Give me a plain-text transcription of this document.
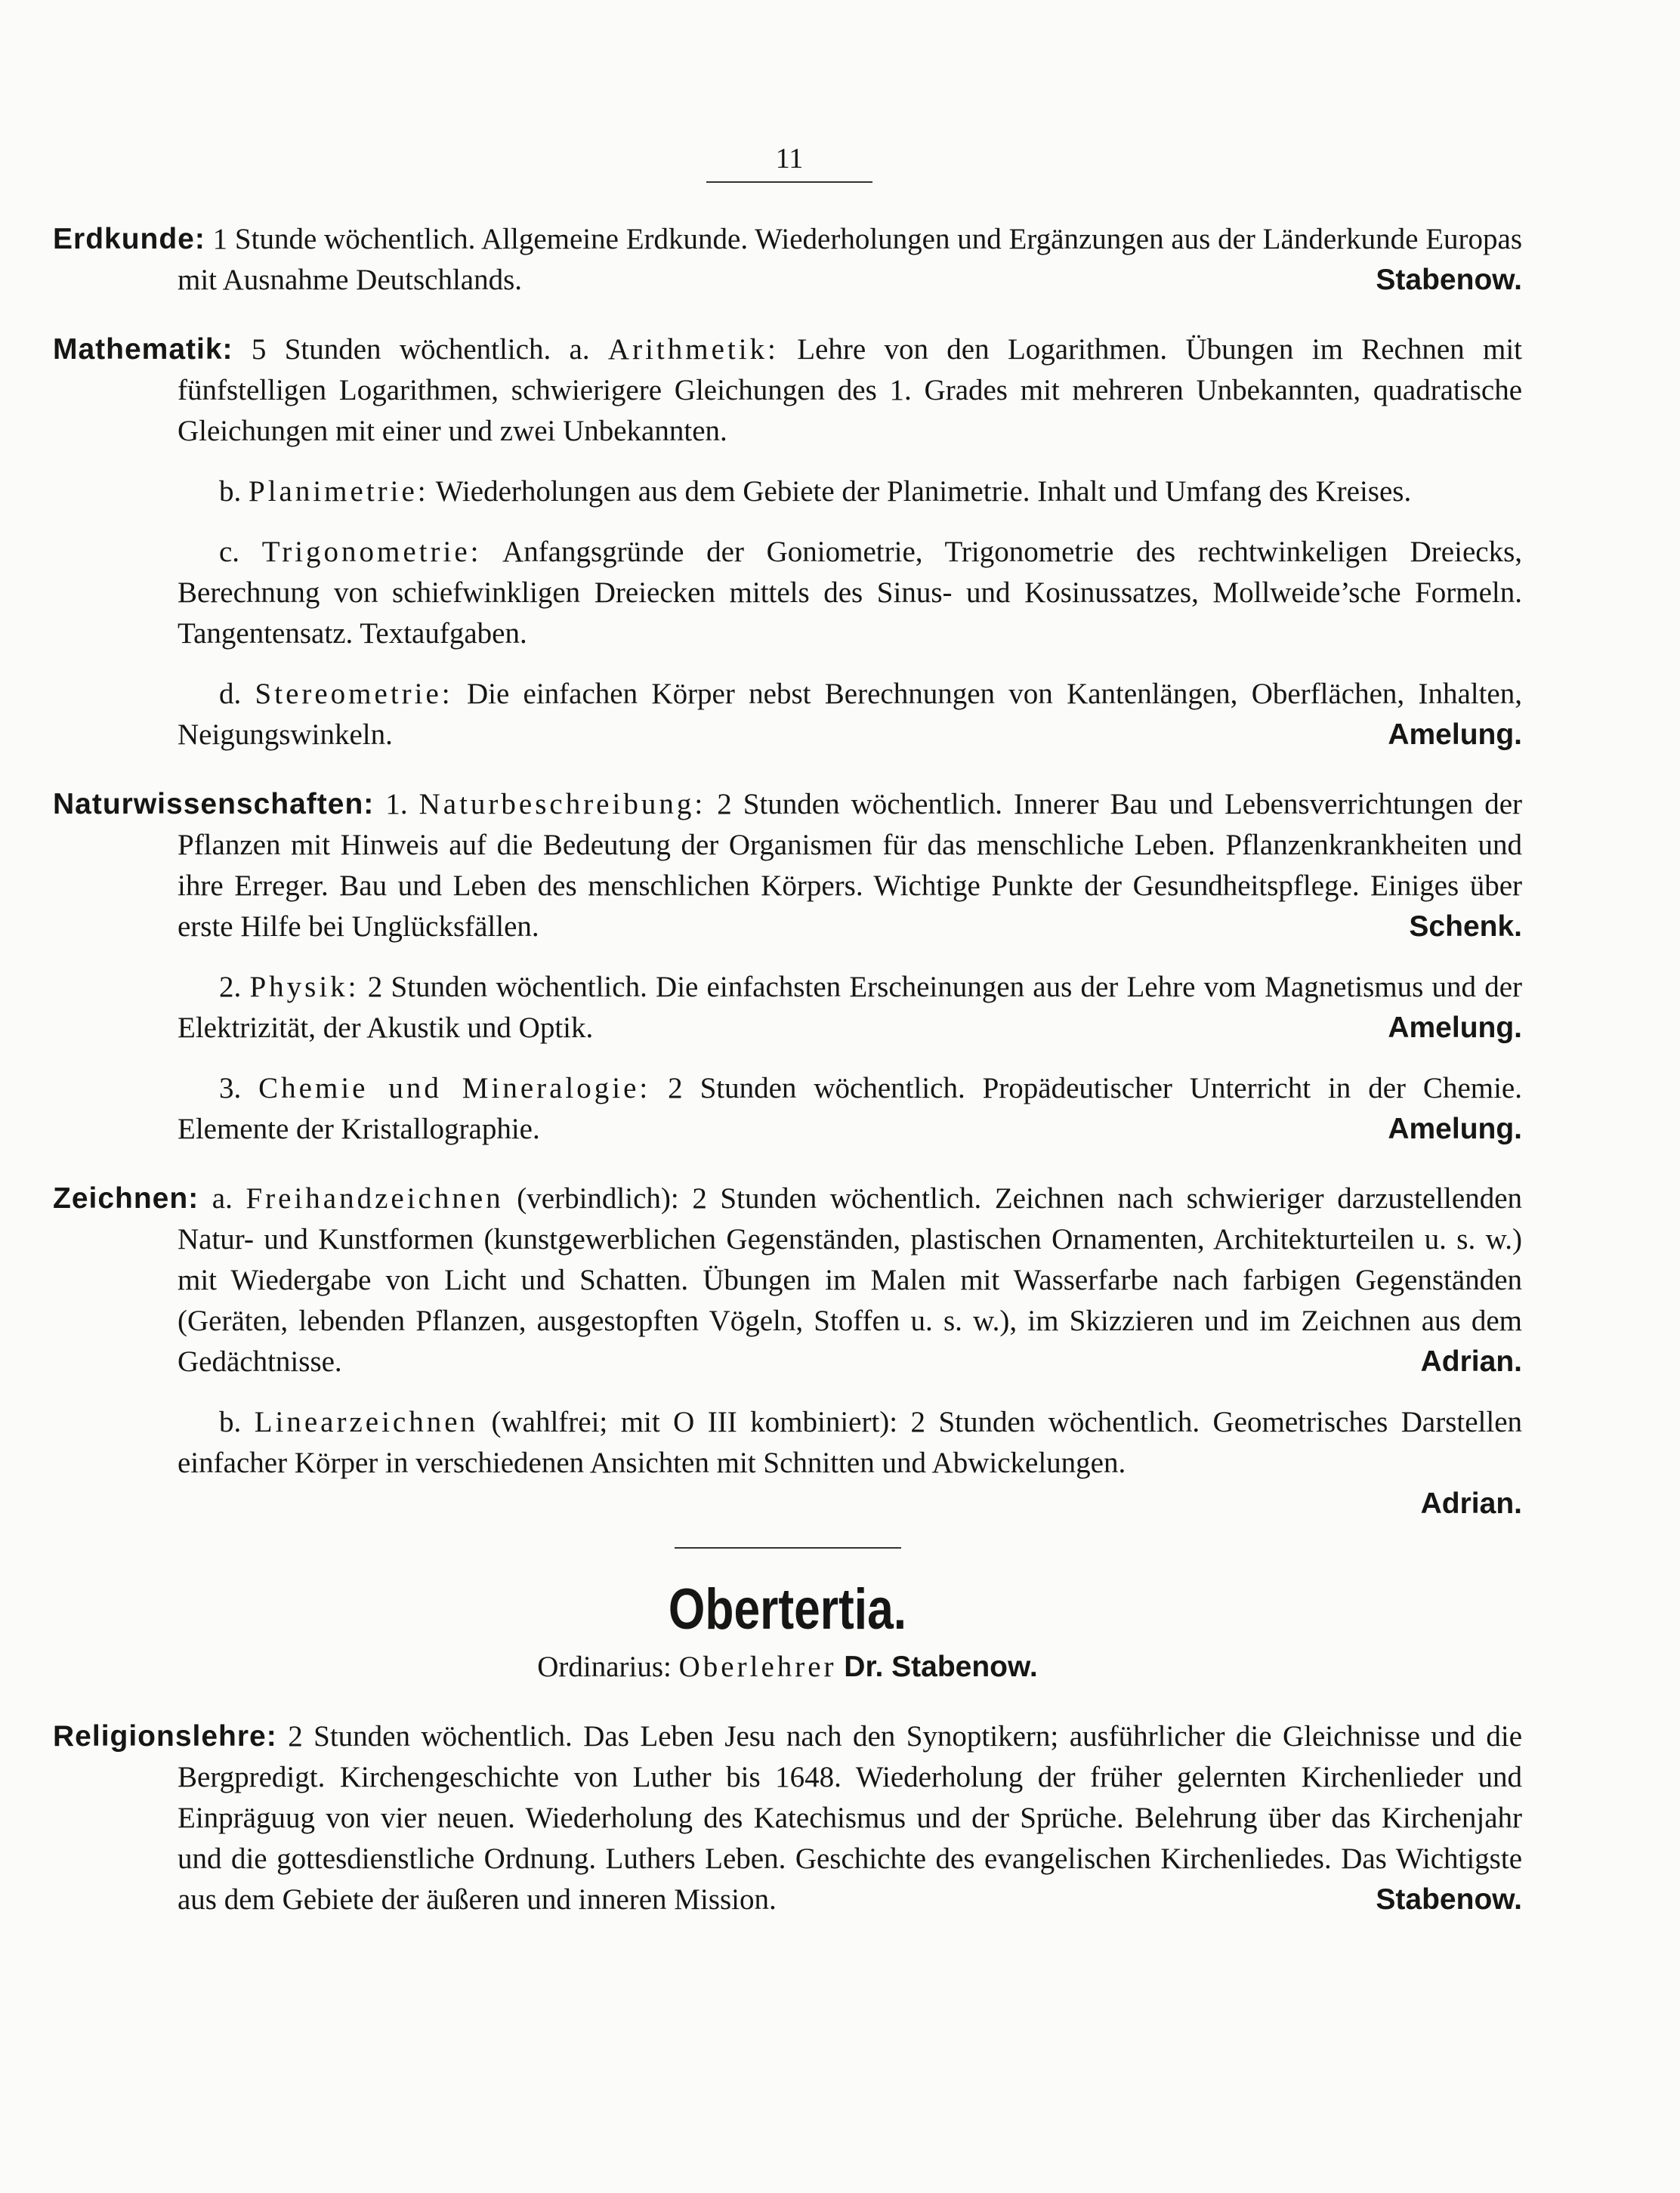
11

Erdkunde: 1 Stunde wöchentlich. Allgemeine Erdkunde. Wiederholungen und Ergänzungen aus der Länderkunde Europas mit Ausnahme Deutschlands.	Stabenow.

Mathematik: 5 Stunden wöchentlich. a. Arithmetik: Lehre von den Logarithmen. Übungen im Rechnen mit fünfstelligen Logarithmen, schwierigere Gleichungen des 1. Grades mit mehreren Unbekannten, quadratische Gleichungen mit einer und zwei Unbekannten.

b. Planimetrie: Wiederholungen aus dem Gebiete der Planimetrie. Inhalt und Umfang des Kreises.

c. Trigonometrie: Anfangsgründe der Goniometrie, Trigonometrie des rechtwinkeligen Dreiecks, Berechnung von schiefwinkligen Dreiecken mittels des Sinus- und Kosinussatzes, Mollweide’sche Formeln. Tangentensatz. Textaufgaben.

d. Stereometrie: Die einfachen Körper nebst Berechnungen von Kantenlängen, Oberflächen, Inhalten, Neigungswinkeln.	Amelung.

Naturwissenschaften: 1. Naturbeschreibung: 2 Stunden wöchentlich. Innerer Bau und Lebensverrichtungen der Pflanzen mit Hinweis auf die Bedeutung der Organismen für das menschliche Leben. Pflanzenkrankheiten und ihre Erreger. Bau und Leben des menschlichen Körpers. Wichtige Punkte der Gesundheitspflege. Einiges über erste Hilfe bei Unglücksfällen.	Schenk.

2. Physik: 2 Stunden wöchentlich. Die einfachsten Erscheinungen aus der Lehre vom Magnetismus und der Elektrizität, der Akustik und Optik.	Amelung.

3. Chemie und Mineralogie: 2 Stunden wöchentlich. Propädeutischer Unterricht in der Chemie. Elemente der Kristallographie.	Amelung.

Zeichnen: a. Freihandzeichnen (verbindlich): 2 Stunden wöchentlich. Zeichnen nach schwieriger darzustellenden Natur- und Kunstformen (kunstgewerblichen Gegenständen, plastischen Ornamenten, Architekturteilen u. s. w.) mit Wiedergabe von Licht und Schatten. Übungen im Malen mit Wasserfarbe nach farbigen Gegenständen (Geräten, lebenden Pflanzen, ausgestopften Vögeln, Stoffen u. s. w.), im Skizzieren und im Zeichnen aus dem Gedächtnisse.	Adrian.

b. Linearzeichnen (wahlfrei; mit O III kombiniert): 2 Stunden wöchentlich. Geometrisches Darstellen einfacher Körper in verschiedenen Ansichten mit Schnitten und Abwickelungen.

Adrian.

Obertertia.

Ordinarius: Oberlehrer Dr. Stabenow.

Religionslehre: 2 Stunden wöchentlich. Das Leben Jesu nach den Synoptikern; ausführlicher die Gleichnisse und die Bergpredigt. Kirchengeschichte von Luther bis 1648. Wiederholung der früher gelernten Kirchenlieder und Einpräguug von vier neuen. Wiederholung des Katechismus und der Sprüche. Belehrung über das Kirchenjahr und die gottesdienstliche Ordnung. Luthers Leben. Geschichte des evangelischen Kirchenliedes. Das Wichtigste aus dem Gebiete der äußeren und inneren Mission.	Stabenow.
